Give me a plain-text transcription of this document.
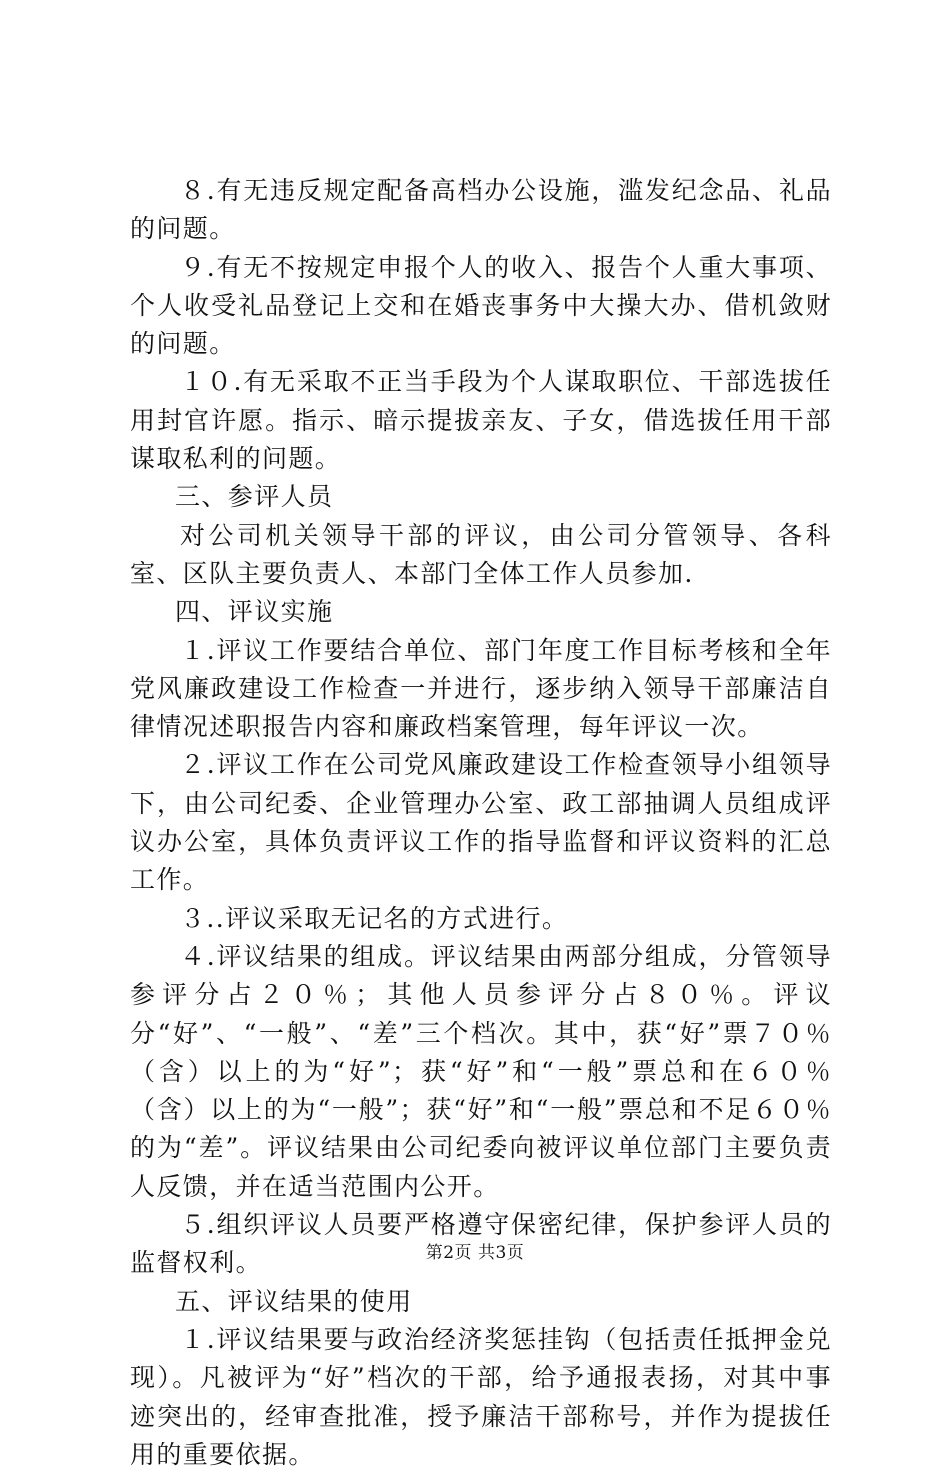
８.有无违反规定配备高档办公设施，滥发纪念品、礼品的问题。

９.有无不按规定申报个人的收入、报告个人重大事项、个人收受礼品登记上交和在婚丧事务中大操大办、借机敛财的问题。

１０.有无采取不正当手段为个人谋取职位、干部选拔任用封官许愿。指示、暗示提拔亲友、子女，借选拔任用干部谋取私利的问题。

三、参评人员

对公司机关领导干部的评议，由公司分管领导、各科室、区队主要负责人、本部门全体工作人员参加.

四、评议实施

１.评议工作要结合单位、部门年度工作目标考核和全年党风廉政建设工作检查一并进行，逐步纳入领导干部廉洁自律情况述职报告内容和廉政档案管理，每年评议一次。

２.评议工作在公司党风廉政建设工作检查领导小组领导下，由公司纪委、企业管理办公室、政工部抽调人员组成评议办公室，具体负责评议工作的指导监督和评议资料的汇总工作。

３..评议采取无记名的方式进行。

４.评议结果的组成。评议结果由两部分组成，分管领导参评分占２０％；其他人员参评分占８０％。评议分“好”、“一般”、“差”三个档次。其中，获“好”票７０％（含）以上的为“好”；获“好”和“一般”票总和在６０％（含）以上的为“一般”；获“好”和“一般”票总和不足６０％的为“差”。评议结果由公司纪委向被评议单位部门主要负责人反馈，并在适当范围内公开。

５.组织评议人员要严格遵守保密纪律，保护参评人员的监督权利。

五、评议结果的使用

１.评议结果要与政治经济奖惩挂钩（包括责任抵押金兑现）。凡被评为“好”档次的干部，给予通报表扬，对其中事迹突出的，经审查批准，授予廉洁干部称号，并作为提拔任用的重要依据。

第2页 共3页
